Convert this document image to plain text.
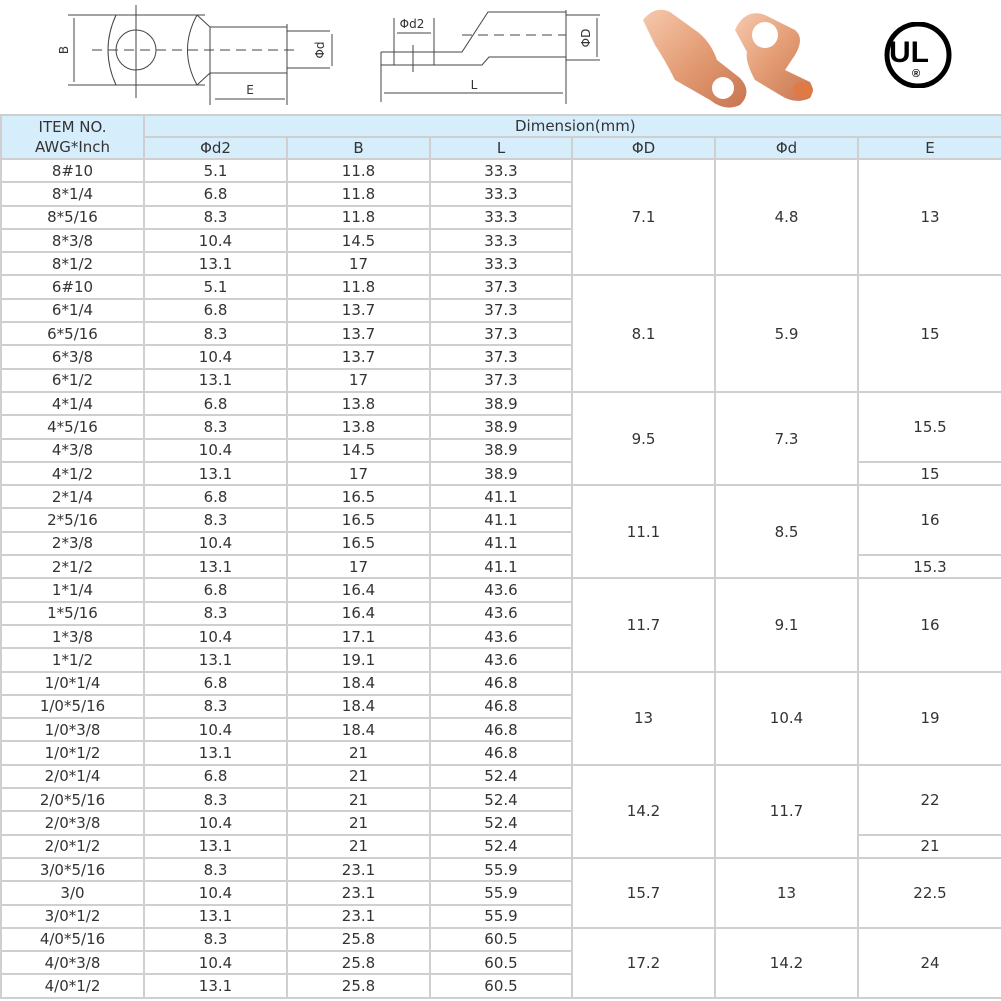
B	Φd
E
Φd2
ΦD
L
UL
®
ITEM NO.
AWG*Inch	Dimension(mm)					
	Φd2	B	L	ΦD	Φd	E
8#10	5.1	11.8	33.3	7.1	4.8	13
8*1/4	6.8	11.8	33.3			
8*5/16	8.3	11.8	33.3			
8*3/8	10.4	14.5	33.3			
8*1/2	13.1	17	33.3			
6#10	5.1	11.8	37.3	8.1	5.9	15
6*1/4	6.8	13.7	37.3			
6*5/16	8.3	13.7	37.3			
6*3/8	10.4	13.7	37.3			
6*1/2	13.1	17	37.3			
4*1/4	6.8	13.8	38.9	9.5	7.3	15.5
4*5/16	8.3	13.8	38.9			
4*3/8	10.4	14.5	38.9			
4*1/2	13.1	17	38.9			15
2*1/4	6.8	16.5	41.1	11.1	8.5	16
2*5/16	8.3	16.5	41.1			
2*3/8	10.4	16.5	41.1			
2*1/2	13.1	17	41.1			15.3
1*1/4	6.8	16.4	43.6	11.7	9.1	16
1*5/16	8.3	16.4	43.6			
1*3/8	10.4	17.1	43.6			
1*1/2	13.1	19.1	43.6			
1/0*1/4	6.8	18.4	46.8	13	10.4	19
1/0*5/16	8.3	18.4	46.8			
1/0*3/8	10.4	18.4	46.8			
1/0*1/2	13.1	21	46.8			
2/0*1/4	6.8	21	52.4	14.2	11.7	22
2/0*5/16	8.3	21	52.4			
2/0*3/8	10.4	21	52.4			
2/0*1/2	13.1	21	52.4			21
3/0*5/16	8.3	23.1	55.9	15.7	13	22.5
3/0	10.4	23.1	55.9			
3/0*1/2	13.1	23.1	55.9			
4/0*5/16	8.3	25.8	60.5	17.2	14.2	24
4/0*3/8	10.4	25.8	60.5			
4/0*1/2	13.1	25.8	60.5			
